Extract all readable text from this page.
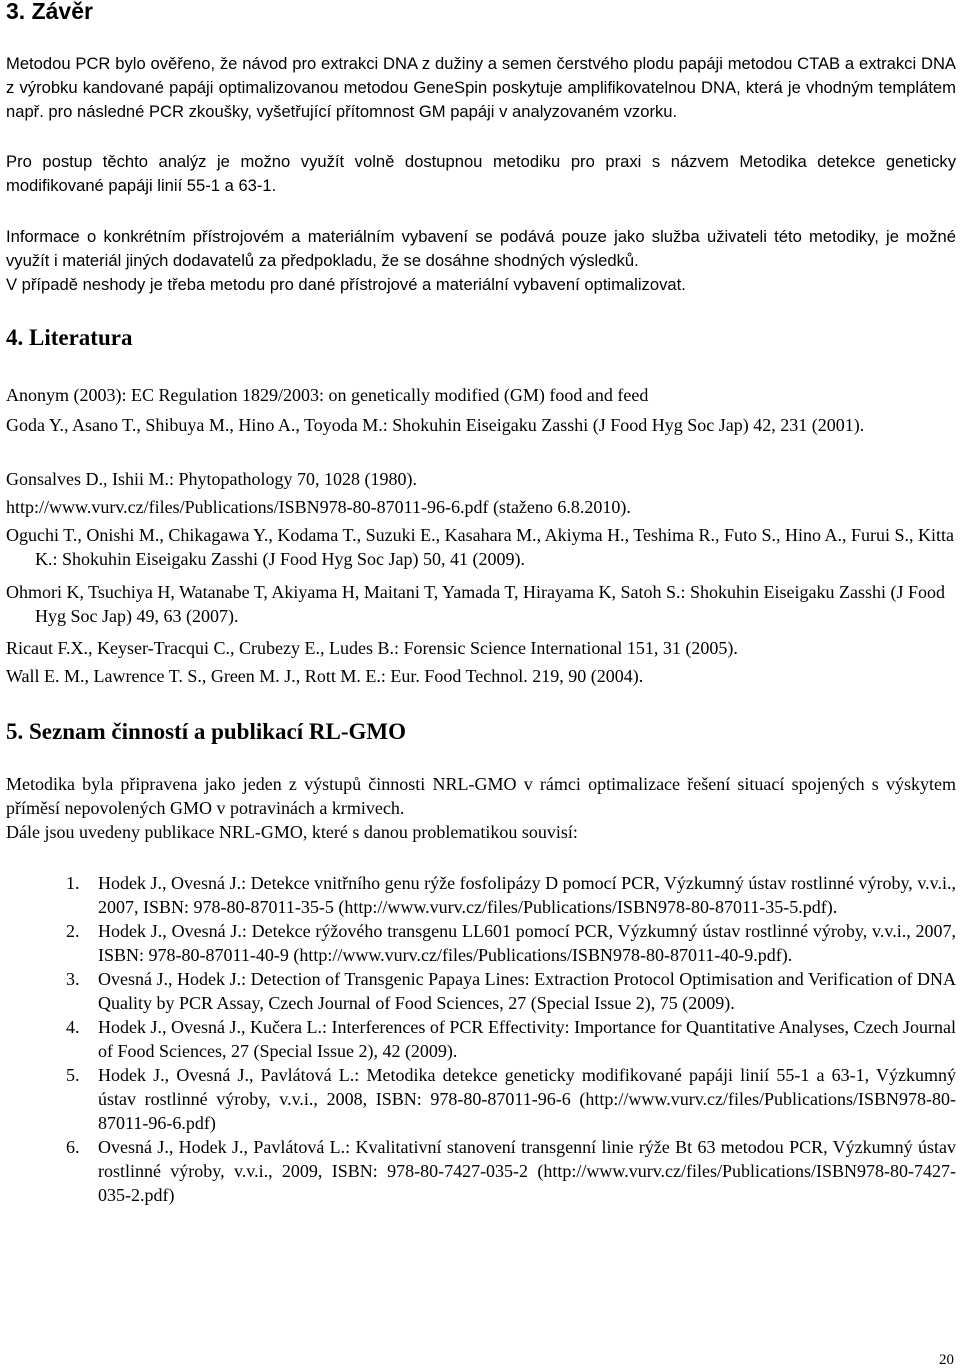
3. Závěr

Metodou PCR bylo ověřeno, že návod pro extrakci DNA z dužiny a semen čerstvého plodu papáji metodou CTAB a extrakci DNA z výrobku kandované papáji optimalizovanou metodou GeneSpin poskytuje amplifikovatelnou DNA, která je vhodným templátem např. pro následné PCR zkoušky, vyšetřující přítomnost GM papáji v analyzovaném vzorku.

Pro postup těchto analýz je možno využít volně dostupnou metodiku pro praxi s názvem Metodika detekce geneticky modifikované papáji linií 55-1 a 63-1.

Informace o konkrétním přístrojovém a materiálním vybavení se podává pouze jako služba uživateli této metodiky, je možné využít i materiál jiných dodavatelů za předpokladu, že se dosáhne shodných výsledků.

V případě neshody je třeba metodu pro dané přístrojové a materiální vybavení optimalizovat.

4. Literatura

Anonym (2003): EC Regulation 1829/2003: on genetically modified (GM) food and feed

Goda Y., Asano T., Shibuya M., Hino A., Toyoda M.: Shokuhin Eiseigaku Zasshi (J Food Hyg Soc Jap) 42, 231 (2001).

Gonsalves D., Ishii M.: Phytopathology 70, 1028 (1980).

http://www.vurv.cz/files/Publications/ISBN978-80-87011-96-6.pdf (staženo 6.8.2010).

Oguchi T., Onishi M., Chikagawa Y., Kodama T., Suzuki E., Kasahara M., Akiyma H., Teshima R., Futo S., Hino A., Furui S., Kitta K.: Shokuhin Eiseigaku Zasshi (J Food Hyg Soc Jap) 50, 41 (2009).

Ohmori K, Tsuchiya H, Watanabe T, Akiyama H, Maitani T, Yamada T, Hirayama K, Satoh S.: Shokuhin Eiseigaku Zasshi (J Food Hyg Soc Jap) 49, 63 (2007).

Ricaut F.X., Keyser-Tracqui C., Crubezy E., Ludes B.: Forensic Science International 151, 31 (2005).

Wall E. M., Lawrence T. S., Green M. J., Rott M. E.: Eur. Food Technol. 219, 90 (2004).

5. Seznam činností a publikací RL-GMO

Metodika byla připravena jako jeden z výstupů činnosti NRL-GMO v rámci optimalizace řešení situací spojených s výskytem příměsí nepovolených GMO v potravinách a krmivech.

Dále jsou uvedeny publikace NRL-GMO, které s danou problematikou souvisí:

1. Hodek J., Ovesná J.: Detekce vnitřního genu rýže fosfolipázy D pomocí PCR, Výzkumný ústav rostlinné výroby, v.v.i., 2007, ISBN: 978-80-87011-35-5 (http://www.vurv.cz/files/Publications/ISBN978-80-87011-35-5.pdf).
2. Hodek J., Ovesná J.: Detekce rýžového transgenu LL601 pomocí PCR, Výzkumný ústav rostlinné výroby, v.v.i., 2007, ISBN: 978-80-87011-40-9 (http://www.vurv.cz/files/Publications/ISBN978-80-87011-40-9.pdf).
3. Ovesná J., Hodek J.: Detection of Transgenic Papaya Lines: Extraction Protocol Optimisation and Verification of DNA Quality by PCR Assay, Czech Journal of Food Sciences, 27 (Special Issue 2), 75 (2009).
4. Hodek J., Ovesná J., Kučera L.: Interferences of PCR Effectivity: Importance for Quantitative Analyses, Czech Journal of Food Sciences, 27 (Special Issue 2), 42 (2009).
5. Hodek J., Ovesná J., Pavlátová L.: Metodika detekce geneticky modifikované papáji linií 55-1 a 63-1, Výzkumný ústav rostlinné výroby, v.v.i., 2008, ISBN: 978-80-87011-96-6 (http://www.vurv.cz/files/Publications/ISBN978-80-87011-96-6.pdf)
6. Ovesná J., Hodek J., Pavlátová L.: Kvalitativní stanovení transgenní linie rýže Bt 63 metodou PCR, Výzkumný ústav rostlinné výroby, v.v.i., 2009, ISBN: 978-80-7427-035-2 (http://www.vurv.cz/files/Publications/ISBN978-80-7427-035-2.pdf)
20
